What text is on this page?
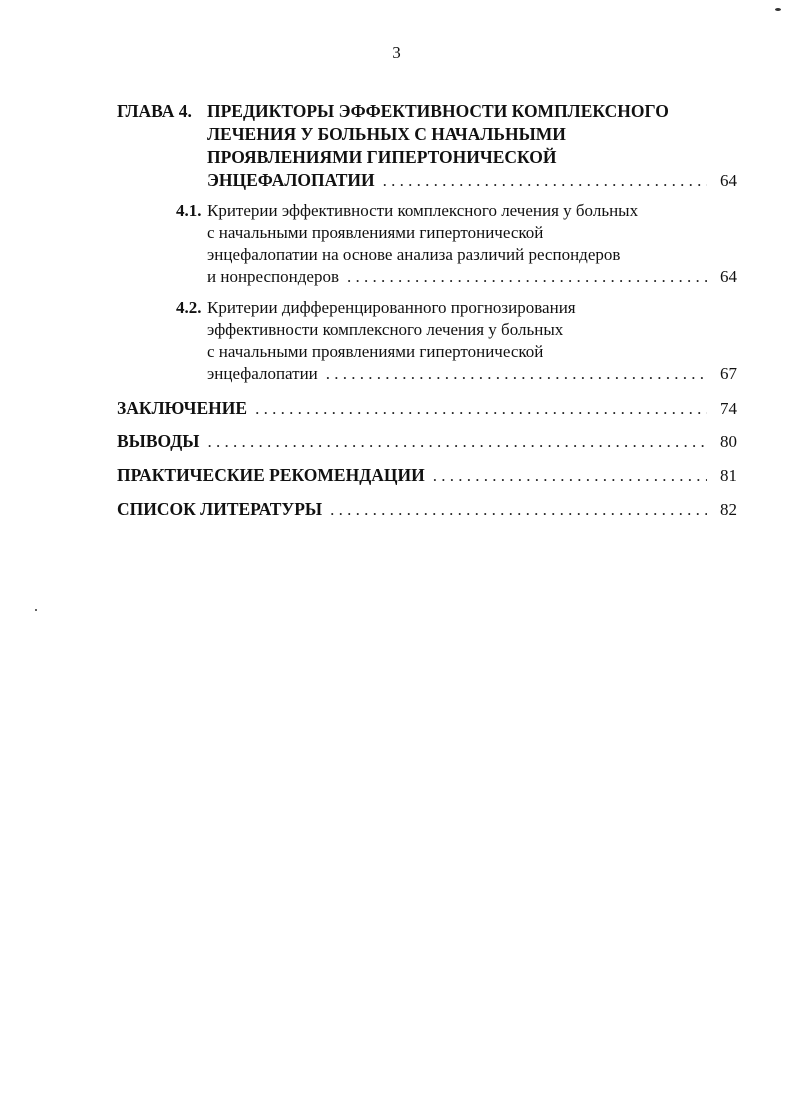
3
ГЛАВА 4. ПРЕДИКТОРЫ ЭФФЕКТИВНОСТИ КОМПЛЕКСНОГО
ЛЕЧЕНИЯ У БОЛЬНЫХ С НАЧАЛЬНЫМИ
ПРОЯВЛЕНИЯМИ ГИПЕРТОНИЧЕСКОЙ
ЭНЦЕФАЛОПАТИИ . . .	64
4.1. Критерии эффективности комплексного лечения у больных
с начальными проявлениями гипертонической
энцефалопатии на основе анализа различий респондеров
и нонреспондеров . . .	64
4.2. Критерии дифференцированного прогнозирования
эффективности комплексного лечения у больных
с начальными проявлениями гипертонической
энцефалопатии . . .	67
ЗАКЛЮЧЕНИЕ . . .	74
ВЫВОДЫ . . .	80
ПРАКТИЧЕСКИЕ РЕКОМЕНДАЦИИ . . .	81
СПИСОК ЛИТЕРАТУРЫ . . .	82
